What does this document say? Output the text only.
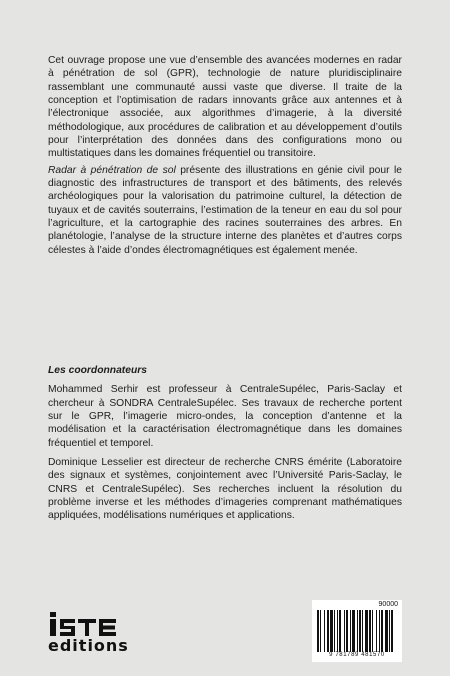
Cet ouvrage propose une vue d’ensemble des avancées modernes en radar à pénétration de sol (GPR), technologie de nature pluridisciplinaire rassemblant une communauté aussi vaste que diverse. Il traite de la conception et l’optimisation de radars innovants grâce aux antennes et à l’électronique associée, aux algorithmes d’imagerie, à la diversité méthodologique, aux procédures de calibration et au développement d’outils pour l’interprétation des données dans des configurations mono ou multistatiques dans les domaines fréquentiel ou transitoire.

Radar à pénétration de sol présente des illustrations en génie civil pour le diagnostic des infrastructures de transport et des bâtiments, des relevés archéologiques pour la valorisation du patrimoine culturel, la détection de tuyaux et de cavités souterrains, l’estimation de la teneur en eau du sol pour l’agriculture, et la cartographie des racines souterraines des arbres. En planétologie, l’analyse de la structure interne des planètes et d’autres corps célestes à l’aide d’ondes électromagnétiques est également menée.

Les coordonnateurs

Mohammed Serhir est professeur à CentraleSupélec, Paris-Saclay et chercheur à SONDRA CentraleSupélec. Ses travaux de recherche portent sur le GPR, l’imagerie micro-ondes, la conception d’antenne et la modélisation et la caractérisation électromagnétique dans les domaines fréquentiel et temporel.

Dominique Lesselier est directeur de recherche CNRS émérite (Laboratoire des signaux et systèmes, conjointement avec l’Université Paris-Saclay, le CNRS et CentraleSupélec). Ses recherches incluent la résolution du problème inverse et les méthodes d’imageries comprenant mathématiques appliquées, modélisations numériques et applications.

editions
90000
9 781789 481570
